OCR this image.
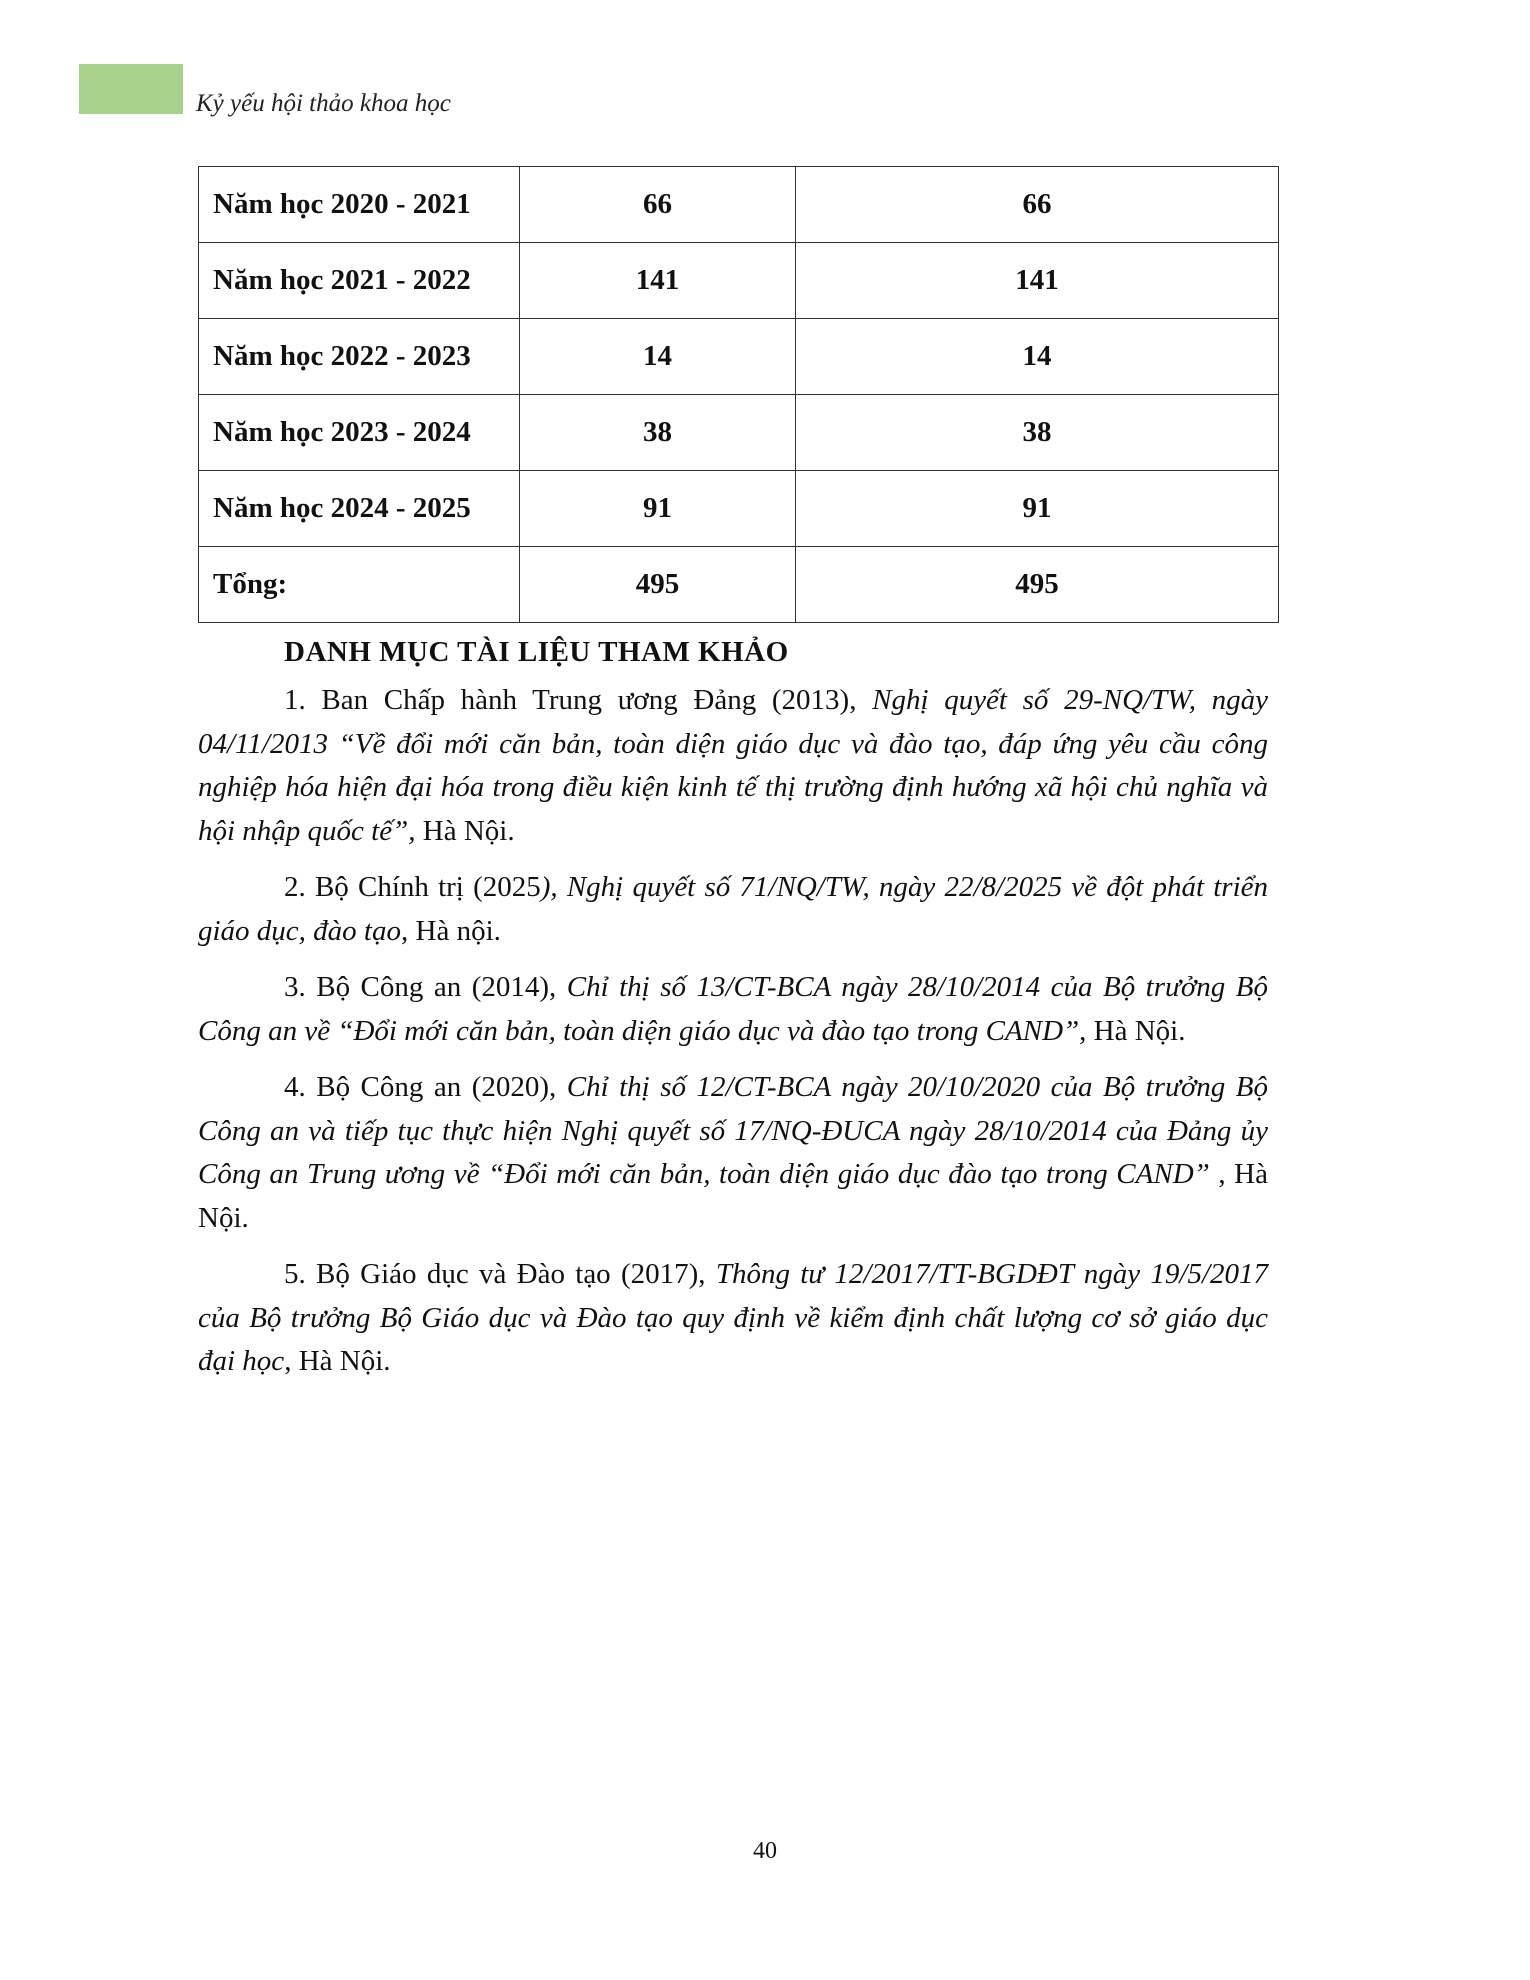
Kỷ yếu hội thảo khoa học
Năm học 2020 - 2021	66	66
Năm học 2021 - 2022	141	141
Năm học 2022 - 2023	14	14
Năm học 2023 - 2024	38	38
Năm học 2024 - 2025	91	91
Tổng:	495	495
DANH MỤC TÀI LIỆU THAM KHẢO

1. Ban Chấp hành Trung ương Đảng (2013), Nghị quyết số 29-NQ/TW, ngày 04/11/2013 “Về đổi mới căn bản, toàn diện giáo dục và đào tạo, đáp ứng yêu cầu công nghiệp hóa hiện đại hóa trong điều kiện kinh tế thị trường định hướng xã hội chủ nghĩa và hội nhập quốc tế”, Hà Nội.

2. Bộ Chính trị (2025), Nghị quyết số 71/NQ/TW, ngày 22/8/2025 về đột phát triển giáo dục, đào tạo, Hà nội.

3. Bộ Công an (2014), Chỉ thị số 13/CT-BCA ngày 28/10/2014 của Bộ trưởng Bộ Công an về “Đổi mới căn bản, toàn diện giáo dục và đào tạo trong CAND”, Hà Nội.

4. Bộ Công an (2020), Chỉ thị số 12/CT-BCA ngày 20/10/2020 của Bộ trưởng Bộ Công an và tiếp tục thực hiện Nghị quyết số 17/NQ-ĐUCA ngày 28/10/2014 của Đảng ủy Công an Trung ương về “Đổi mới căn bản, toàn diện giáo dục đào tạo trong CAND” , Hà Nội.

5. Bộ Giáo dục và Đào tạo (2017), Thông tư 12/2017/TT-BGDĐT ngày 19/5/2017 của Bộ trưởng Bộ Giáo dục và Đào tạo quy định về kiểm định chất lượng cơ sở giáo dục đại học, Hà Nội.

40
